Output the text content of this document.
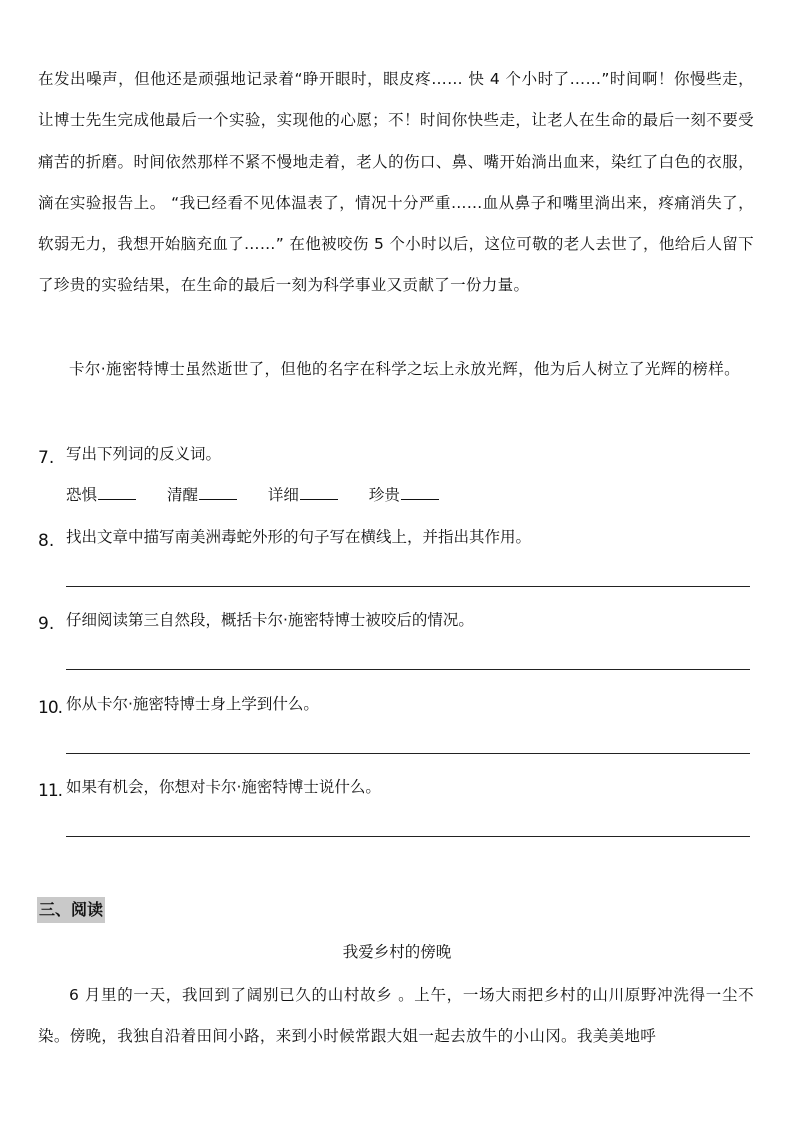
在发出噪声，但他还是顽强地记录着“睁开眼时，眼皮疼…… 快 4 个小时了……”时间啊！你慢些走，让博士先生完成他最后一个实验，实现他的心愿；不！时间你快些走，让老人在生命的最后一刻不要受痛苦的折磨。时间依然那样不紧不慢地走着，老人的伤口、鼻、嘴开始淌出血来，染红了白色的衣服，滴在实验报告上。 “我已经看不见体温表了，情况十分严重……血从鼻子和嘴里淌出来，疼痛消失了，软弱无力，我想开始脑充血了……” 在他被咬伤 5 个小时以后，这位可敬的老人去世了，他给后人留下了珍贵的实验结果，在生命的最后一刻为科学事业又贡献了一份力量。

卡尔·施密特博士虽然逝世了，但他的名字在科学之坛上永放光辉，他为后人树立了光辉的榜样。

7. 写出下列词的反义词。
恐惧	清醒	详细	珍贵
8. 找出文章中描写南美洲毒蛇外形的句子写在横线上，并指出其作用。
9. 仔细阅读第三自然段，概括卡尔·施密特博士被咬后的情况。
10. 你从卡尔·施密特博士身上学到什么。
11. 如果有机会，你想对卡尔·施密特博士说什么。
三、阅读
我爱乡村的傍晚

6 月里的一天，我回到了阔别已久的山村故乡 。上午，一场大雨把乡村的山川原野冲洗得一尘不染。傍晚，我独自沿着田间小路，来到小时候常跟大姐一起去放牛的小山冈。我美美地呼
